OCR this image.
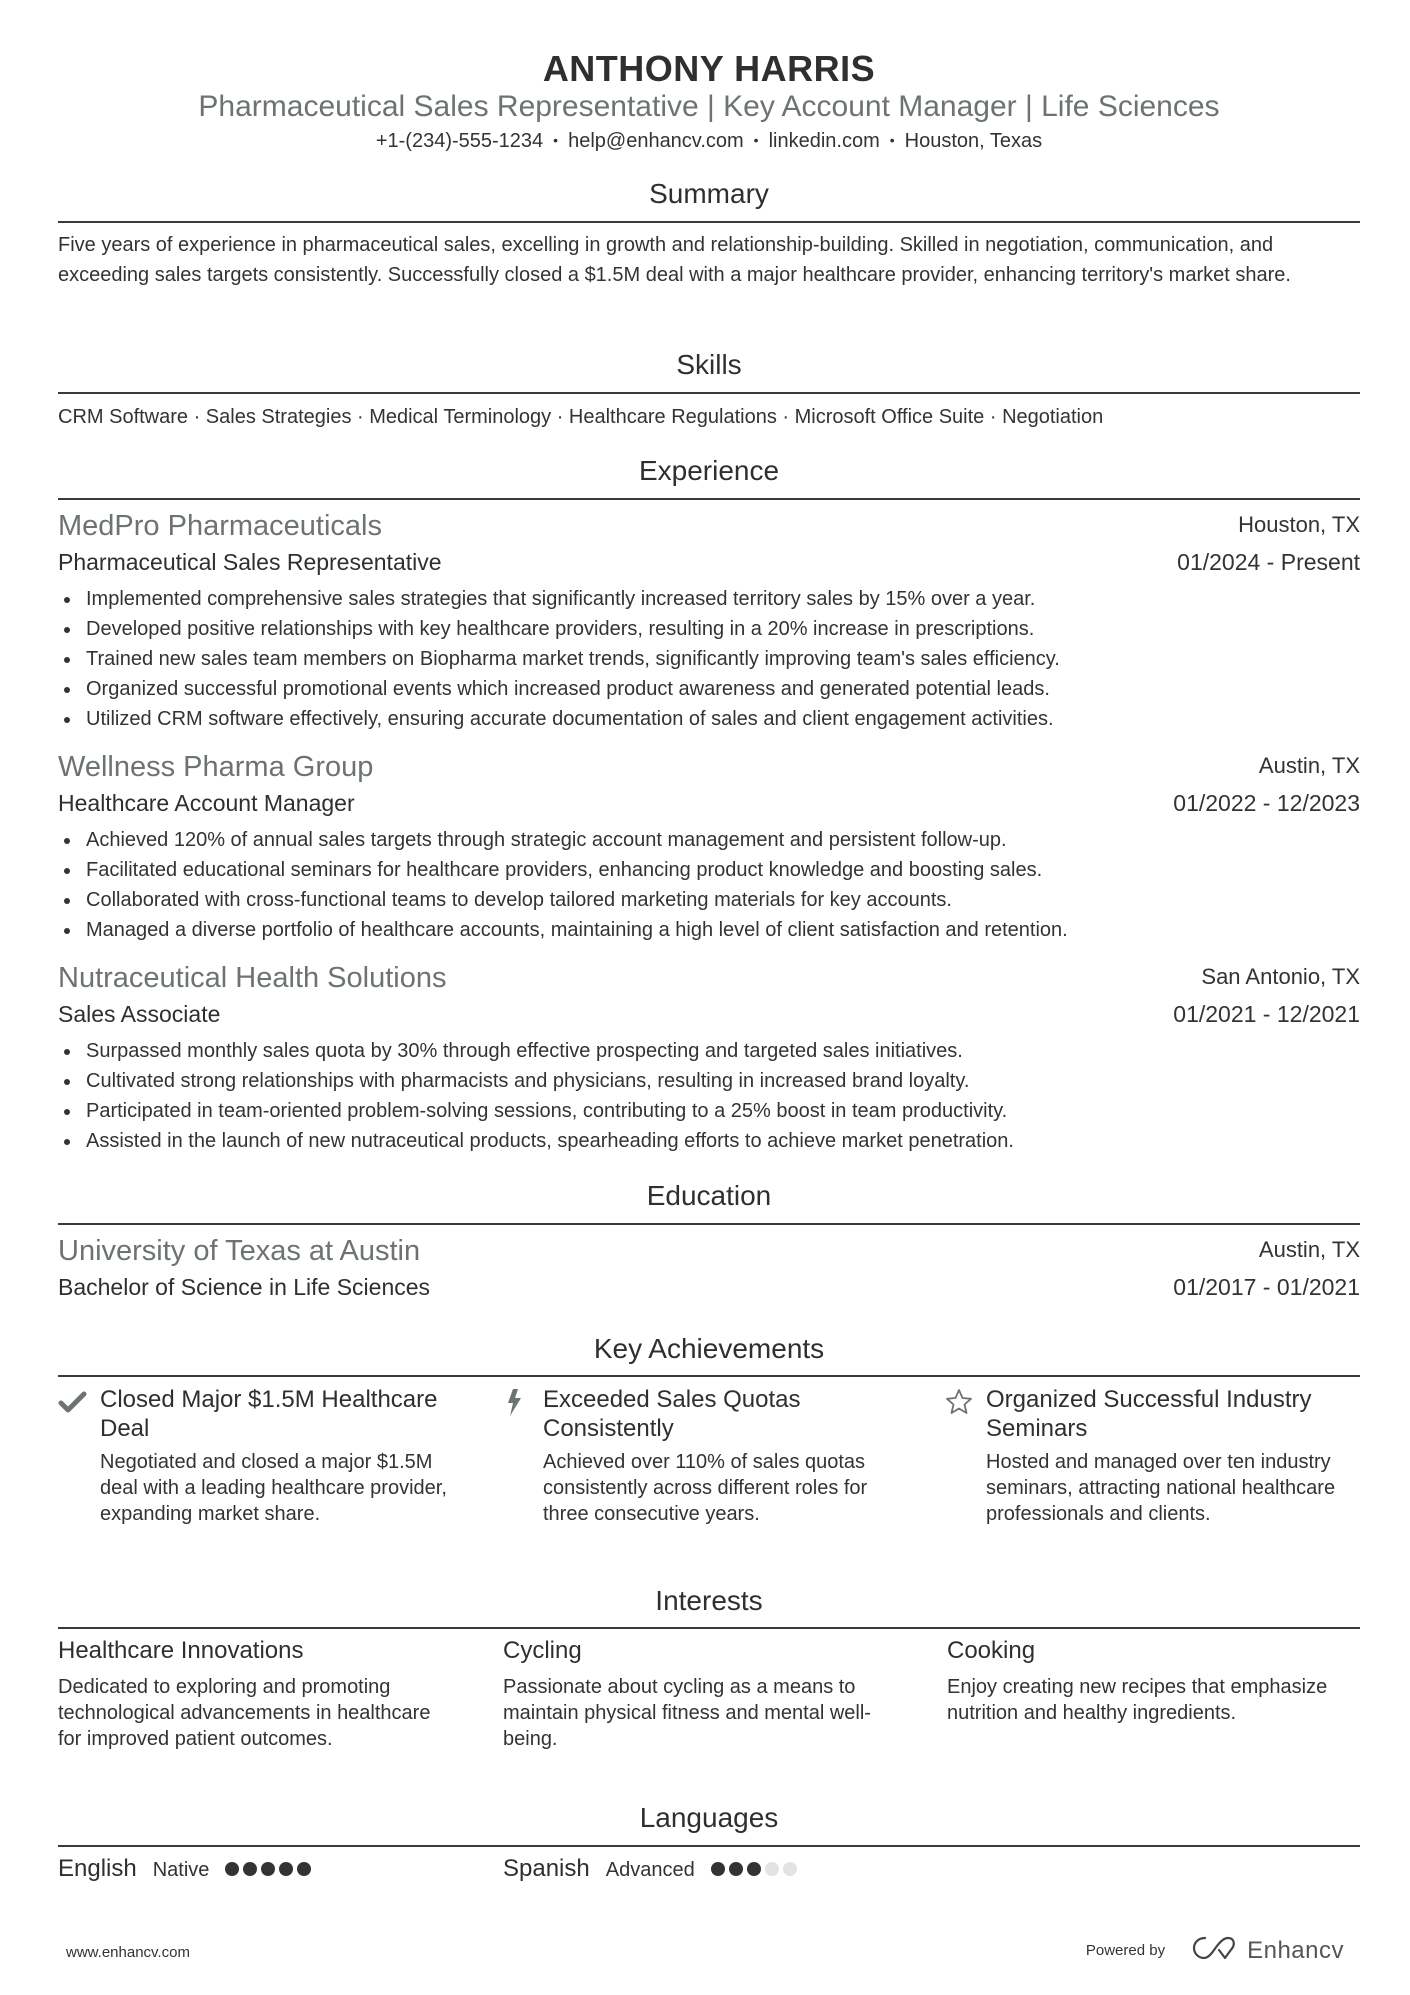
ANTHONY HARRIS
Pharmaceutical Sales Representative | Key Account Manager | Life Sciences
+1-(234)-555-1234 • help@enhancv.com • linkedin.com • Houston, Texas
Summary
Five years of experience in pharmaceutical sales, excelling in growth and relationship-building. Skilled in negotiation, communication, and exceeding sales targets consistently. Successfully closed a $1.5M deal with a major healthcare provider, enhancing territory's market share.
Skills
CRM Software · Sales Strategies · Medical Terminology · Healthcare Regulations · Microsoft Office Suite · Negotiation
Experience
MedPro Pharmaceuticals	Houston, TX
Pharmaceutical Sales Representative	01/2024 - Present
Implemented comprehensive sales strategies that significantly increased territory sales by 15% over a year.
Developed positive relationships with key healthcare providers, resulting in a 20% increase in prescriptions.
Trained new sales team members on Biopharma market trends, significantly improving team's sales efficiency.
Organized successful promotional events which increased product awareness and generated potential leads.
Utilized CRM software effectively, ensuring accurate documentation of sales and client engagement activities.
Wellness Pharma Group	Austin, TX
Healthcare Account Manager	01/2022 - 12/2023
Achieved 120% of annual sales targets through strategic account management and persistent follow-up.
Facilitated educational seminars for healthcare providers, enhancing product knowledge and boosting sales.
Collaborated with cross-functional teams to develop tailored marketing materials for key accounts.
Managed a diverse portfolio of healthcare accounts, maintaining a high level of client satisfaction and retention.
Nutraceutical Health Solutions	San Antonio, TX
Sales Associate	01/2021 - 12/2021
Surpassed monthly sales quota by 30% through effective prospecting and targeted sales initiatives.
Cultivated strong relationships with pharmacists and physicians, resulting in increased brand loyalty.
Participated in team-oriented problem-solving sessions, contributing to a 25% boost in team productivity.
Assisted in the launch of new nutraceutical products, spearheading efforts to achieve market penetration.
Education
University of Texas at Austin	Austin, TX
Bachelor of Science in Life Sciences	01/2017 - 01/2021
Key Achievements
Closed Major $1.5M Healthcare Deal
Negotiated and closed a major $1.5M deal with a leading healthcare provider, expanding market share.
Exceeded Sales Quotas Consistently
Achieved over 110% of sales quotas consistently across different roles for three consecutive years.
Organized Successful Industry Seminars
Hosted and managed over ten industry seminars, attracting national healthcare professionals and clients.
Interests
Healthcare Innovations
Dedicated to exploring and promoting technological advancements in healthcare for improved patient outcomes.
Cycling
Passionate about cycling as a means to maintain physical fitness and mental well-being.
Cooking
Enjoy creating new recipes that emphasize nutrition and healthy ingredients.
Languages
English Native	Spanish Advanced
www.enhancv.com	Powered by	Enhancv
